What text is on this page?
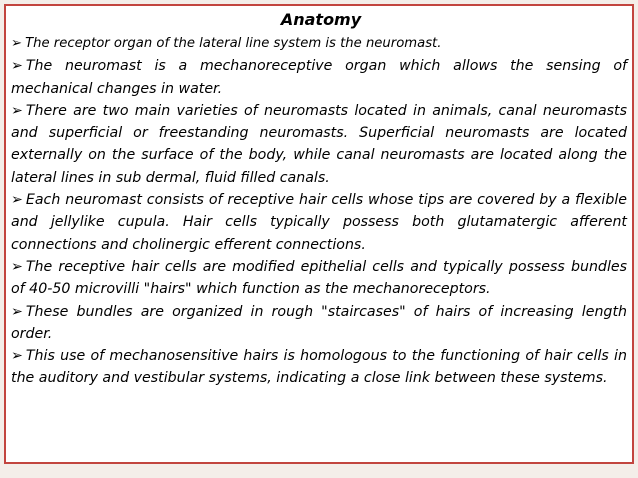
Anatomy

➢ The receptor organ of the lateral line system is the neuromast.

➢ The neuromast is a mechanoreceptive organ which allows the sensing of mechanical changes in water.

➢ There are two main varieties of neuromasts located in animals, canal neuromasts and superficial or freestanding neuromasts. Superficial neuromasts are located externally on the surface of the body, while canal neuromasts are located along the lateral lines in sub dermal, fluid filled canals.

➢ Each neuromast consists of receptive hair cells whose tips are covered by a flexible and jellylike cupula. Hair cells typically possess both glutamatergic afferent connections and cholinergic efferent connections.

➢ The receptive hair cells are modified epithelial cells and typically possess bundles of 40-50 microvilli "hairs" which function as the mechanoreceptors.

➢ These bundles are organized in rough "staircases" of hairs of increasing length order.

➢ This use of mechanosensitive hairs is homologous to the functioning of hair cells in the auditory and vestibular systems, indicating a close link between these systems.
